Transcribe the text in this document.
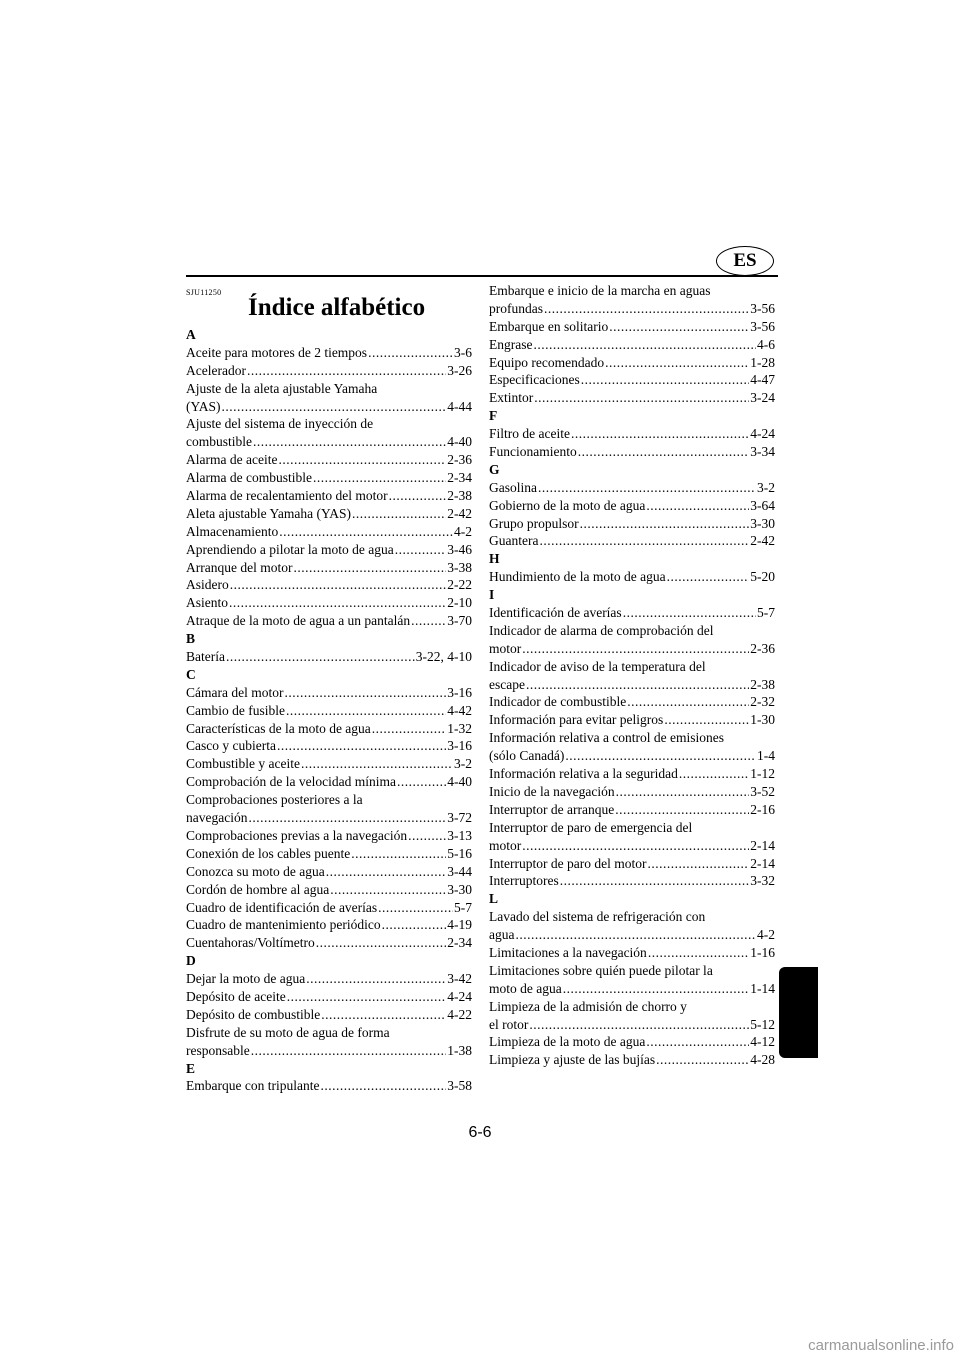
ES
SJU11250
Índice alfabético
A
Aceite para motores de 2 tiempos .....	3-6
Acelerador .....	3-26
Ajuste de la aleta ajustable Yamaha
(YAS) .....	4-44
Ajuste del sistema de inyección de
combustible .....	4-40
Alarma de aceite .....	2-36
Alarma de combustible .....	2-34
Alarma de recalentamiento del motor .....	2-38
Aleta ajustable Yamaha (YAS) .....	2-42
Almacenamiento .....	4-2
Aprendiendo a pilotar la moto de agua .....	3-46
Arranque del motor .....	3-38
Asidero .....	2-22
Asiento .....	2-10
Atraque de la moto de agua a un pantalán .....	3-70
B
Batería .....	3-22, 4-10
C
Cámara del motor .....	3-16
Cambio de fusible .....	4-42
Características de la moto de agua .....	1-32
Casco y cubierta .....	3-16
Combustible y aceite .....	3-2
Comprobación de la velocidad mínima .....	4-40
Comprobaciones posteriores a la
navegación .....	3-72
Comprobaciones previas a la navegación .....	3-13
Conexión de los cables puente .....	5-16
Conozca su moto de agua .....	3-44
Cordón de hombre al agua .....	3-30
Cuadro de identificación de averías .....	5-7
Cuadro de mantenimiento periódico .....	4-19
Cuentahoras/Voltímetro .....	2-34
D
Dejar la moto de agua .....	3-42
Depósito de aceite .....	4-24
Depósito de combustible .....	4-22
Disfrute de su moto de agua de forma
responsable .....	1-38
E
Embarque con tripulante .....	3-58
Embarque e inicio de la marcha en aguas
profundas .....	3-56
Embarque en solitario .....	3-56
Engrase .....	4-6
Equipo recomendado .....	1-28
Especificaciones .....	4-47
Extintor .....	3-24
F
Filtro de aceite .....	4-24
Funcionamiento .....	3-34
G
Gasolina .....	3-2
Gobierno de la moto de agua .....	3-64
Grupo propulsor .....	3-30
Guantera .....	2-42
H
Hundimiento de la moto de agua .....	5-20
I
Identificación de averías .....	5-7
Indicador de alarma de comprobación del
motor .....	2-36
Indicador de aviso de la temperatura del
escape .....	2-38
Indicador de combustible .....	2-32
Información para evitar peligros .....	1-30
Información relativa a control de emisiones
(sólo Canadá) .....	1-4
Información relativa a la seguridad .....	1-12
Inicio de la navegación .....	3-52
Interruptor de arranque .....	2-16
Interruptor de paro de emergencia del
motor .....	2-14
Interruptor de paro del motor .....	2-14
Interruptores .....	3-32
L
Lavado del sistema de refrigeración con
agua .....	4-2
Limitaciones a la navegación .....	1-16
Limitaciones sobre quién puede pilotar la
moto de agua .....	1-14
Limpieza de la admisión de chorro y
el rotor .....	5-12
Limpieza de la moto de agua .....	4-12
Limpieza y ajuste de las bujías .....	4-28
6-6
carmanualsonline.info
